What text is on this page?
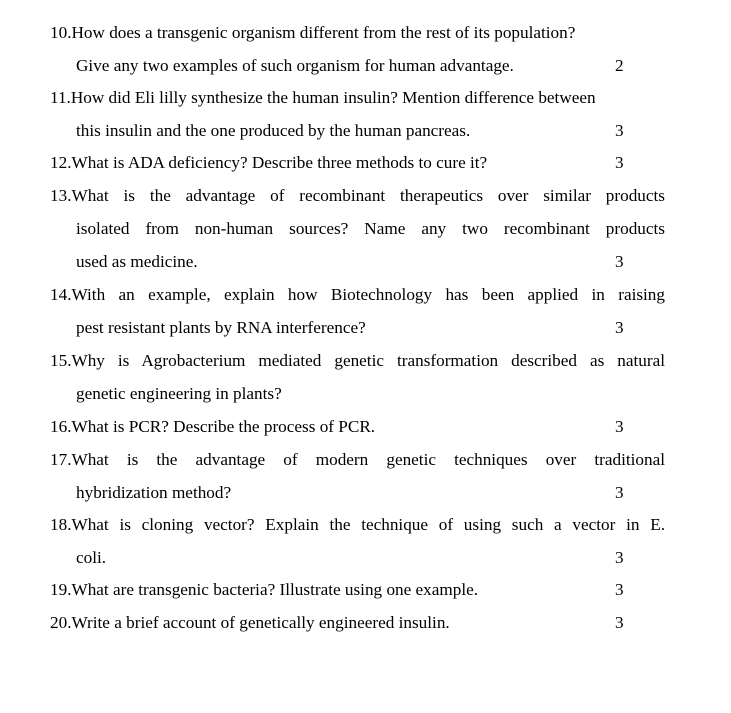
10.How does a transgenic organism different from the rest of its population?
Give any two examples of such organism for human advantage.	2
11.How did Eli lilly synthesize the human insulin? Mention difference between
this insulin and the one produced by the human pancreas.	3
12.What is ADA deficiency? Describe three methods to cure it?	3
13.What is the advantage of recombinant therapeutics over similar products
isolated from non-human sources? Name any two recombinant products
used as medicine.	3
14.With an example, explain how Biotechnology has been applied in raising
pest resistant plants by RNA interference?	3
15.Why is Agrobacterium mediated genetic transformation described as natural
genetic engineering in plants?
16.What is PCR? Describe the process of PCR.	3
17.What is the advantage of modern genetic techniques over traditional
hybridization method?	3
18.What is cloning vector? Explain the technique of using such a vector in E.
coli.	3
19.What are transgenic bacteria? Illustrate using one example.	3
20.Write a brief account of genetically engineered insulin.	3
